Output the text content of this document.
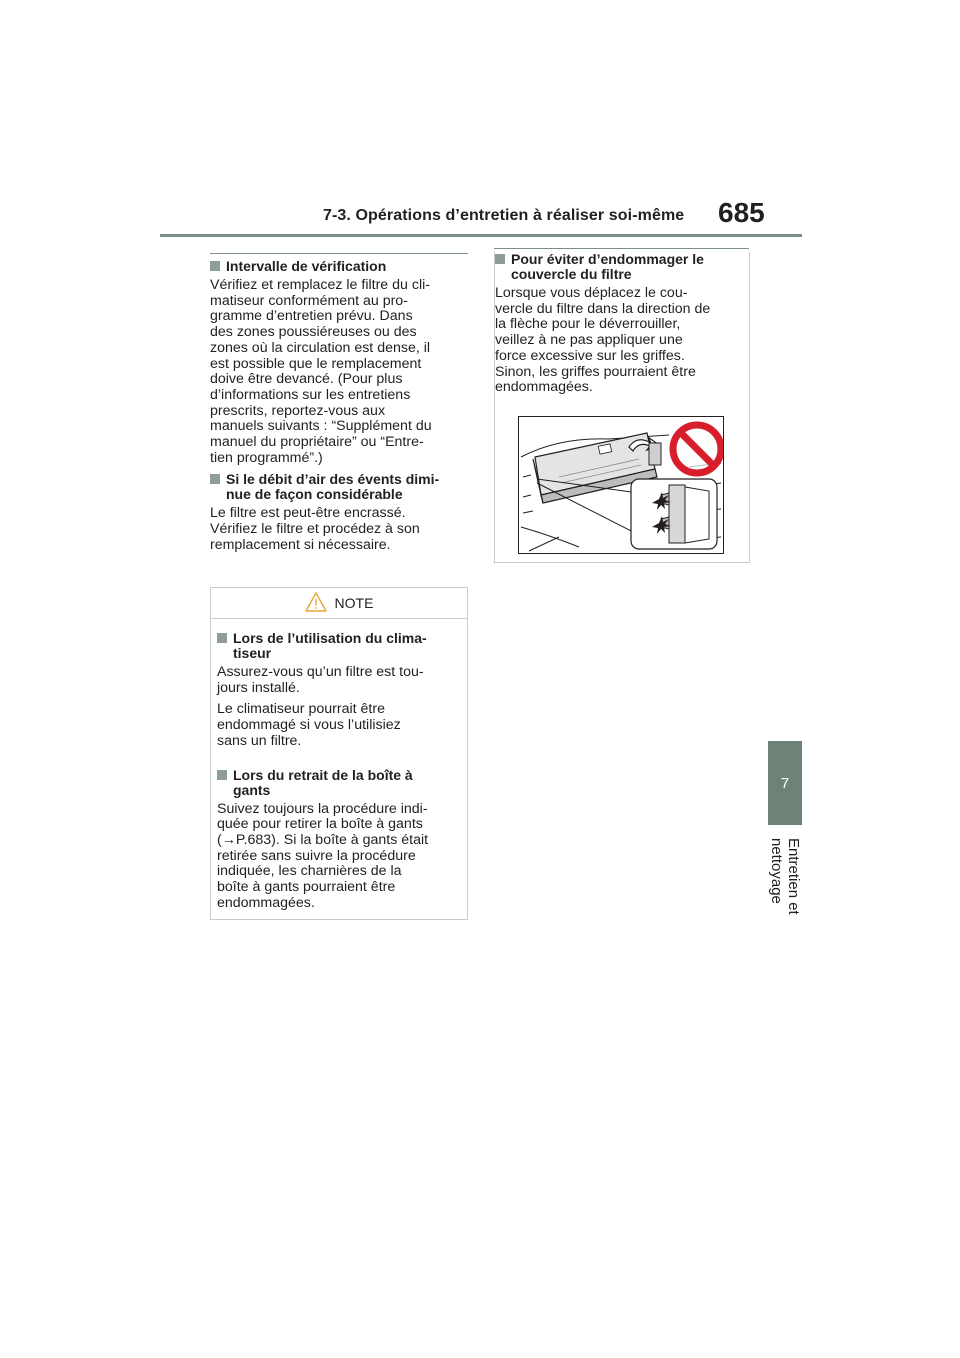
7-3. Opérations d’entretien à réaliser soi-même 685
7
Entretien et nettoyage
Intervalle de vérification

Vérifiez et remplacez le filtre du cli-
matiseur conformément au pro-
gramme d’entretien prévu. Dans
des zones poussiéreuses ou des
zones où la circulation est dense, il
est possible que le remplacement
doive être devancé. (Pour plus
d’informations sur les entretiens
prescrits, reportez-vous aux
manuels suivants : “Supplément du
manuel du propriétaire” ou “Entre-
tien programmé”.)

Si le débit d’air des évents dimi-
nue de façon considérable

Le filtre est peut-être encrassé.
Vérifiez le filtre et procédez à son
remplacement si nécessaire.

NOTE
Lors de l’utilisation du clima-
tiseur

Assurez-vous qu’un filtre est tou-
jours installé.

Le climatiseur pourrait être
endommagé si vous l’utilisiez
sans un filtre.

Lors du retrait de la boîte à
gants

Suivez toujours la procédure indi-
quée pour retirer la boîte à gants
(→P.683). Si la boîte à gants était
retirée sans suivre la procédure
indiquée, les charnières de la
boîte à gants pourraient être
endommagées.

Pour éviter d’endommager le
couvercle du filtre

Lorsque vous déplacez le cou-
vercle du filtre dans la direction de
la flèche pour le déverrouiller,
veillez à ne pas appliquer une
force excessive sur les griffes.
Sinon, les griffes pourraient être
endommagées.
